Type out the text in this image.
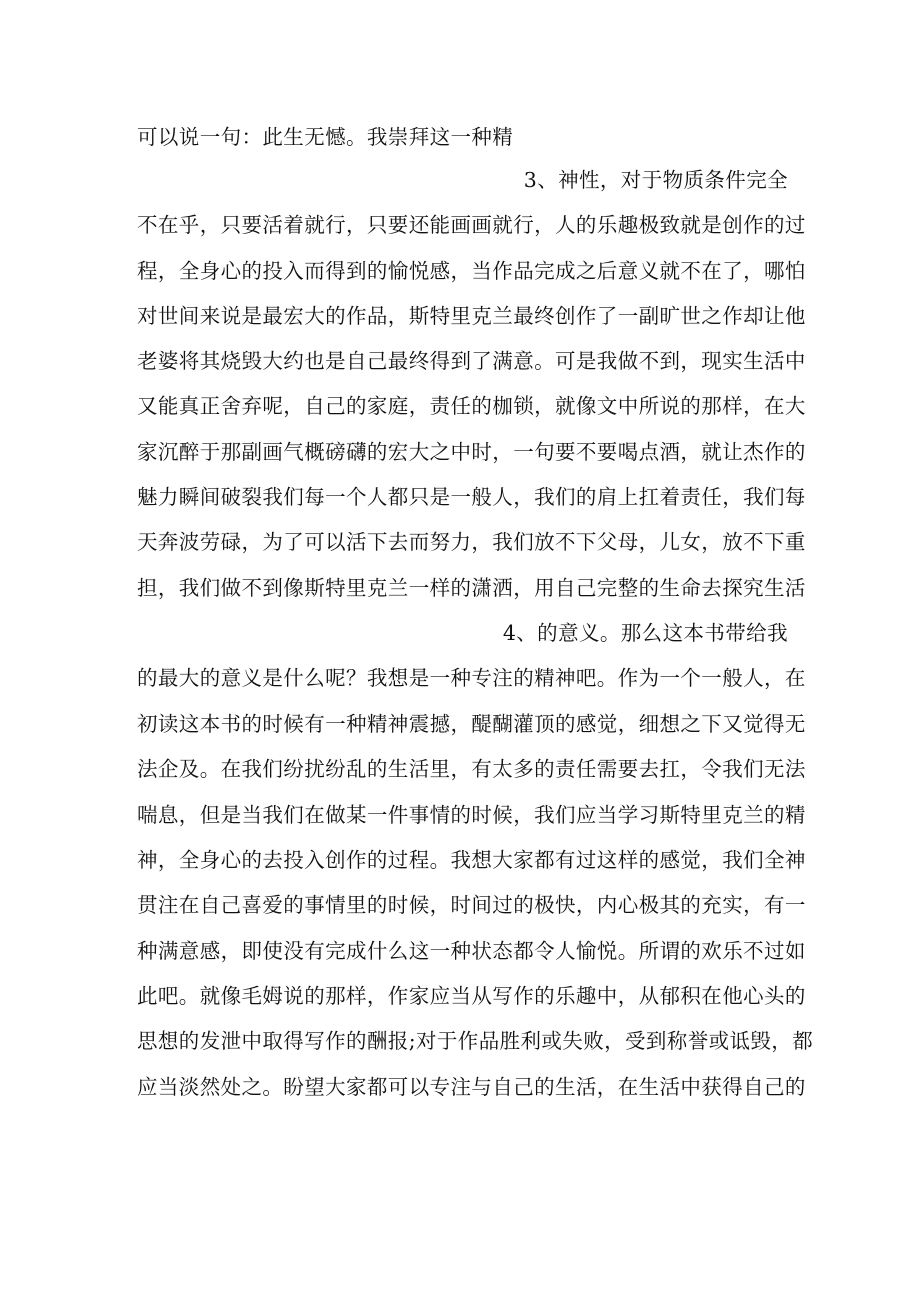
可以说一句：此生无憾。我崇拜这一种精
3、神性，对于物质条件完全
不在乎，只要活着就行，只要还能画画就行，人的乐趣极致就是创作的过
程，全身心的投入而得到的愉悦感，当作品完成之后意义就不在了，哪怕
对世间来说是最宏大的作品，斯特里克兰最终创作了一副旷世之作却让他
老婆将其烧毁大约也是自己最终得到了满意。可是我做不到，现实生活中
又能真正舍弃呢，自己的家庭，责任的枷锁，就像文中所说的那样，在大
家沉醉于那副画气概磅礴的宏大之中时，一句要不要喝点酒，就让杰作的
魅力瞬间破裂我们每一个人都只是一般人，我们的肩上扛着责任，我们每
天奔波劳碌，为了可以活下去而努力，我们放不下父母，儿女，放不下重
担，我们做不到像斯特里克兰一样的潇洒，用自己完整的生命去探究生活
4、的意义。那么这本书带给我
的最大的意义是什么呢？我想是一种专注的精神吧。作为一个一般人，在
初读这本书的时候有一种精神震撼，醍醐灌顶的感觉，细想之下又觉得无
法企及。在我们纷扰纷乱的生活里，有太多的责任需要去扛，令我们无法
喘息，但是当我们在做某一件事情的时候，我们应当学习斯特里克兰的精
神，全身心的去投入创作的过程。我想大家都有过这样的感觉，我们全神
贯注在自己喜爱的事情里的时候，时间过的极快，内心极其的充实，有一
种满意感，即使没有完成什么这一种状态都令人愉悦。所谓的欢乐不过如
此吧。就像毛姆说的那样，作家应当从写作的乐趣中，从郁积在他心头的
思想的发泄中取得写作的酬报;对于作品胜利或失败，受到称誉或诋毁，都
应当淡然处之。盼望大家都可以专注与自己的生活，在生活中获得自己的
